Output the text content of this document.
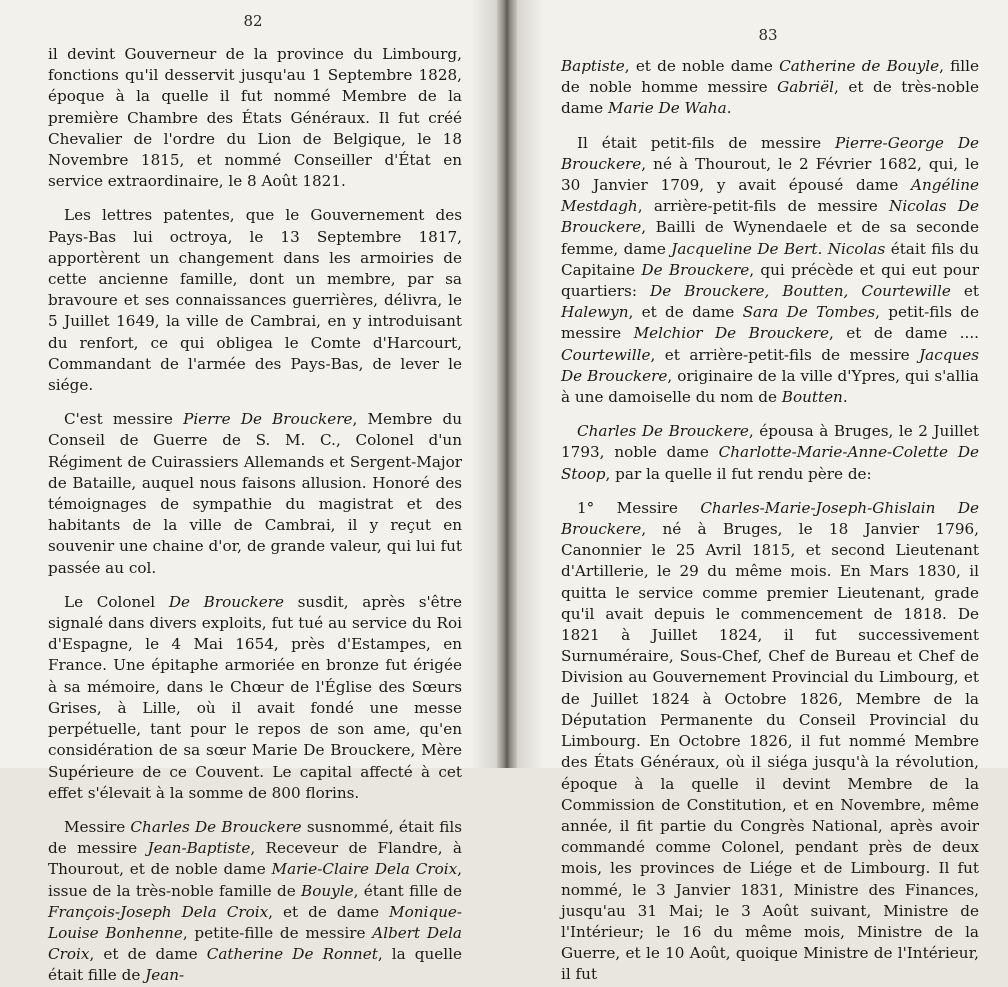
82

il devint Gouverneur de la province du Limbourg, fonctions qu'il desservit jusqu'au 1 Septembre 1828, époque à la quelle il fut nommé Membre de la première Chambre des États Généraux. Il fut créé Chevalier de l'ordre du Lion de Belgique, le 18 Novembre 1815, et nommé Conseiller d'État en service extraordinaire, le 8 Août 1821.

Les lettres patentes, que le Gouvernement des Pays-Bas lui octroya, le 13 Septembre 1817, apportèrent un changement dans les armoiries de cette ancienne famille, dont un membre, par sa bravoure et ses connaissances guerrières, délivra, le 5 Juillet 1649, la ville de Cambrai, en y introduisant du renfort, ce qui obligea le Comte d'Harcourt, Commandant de l'armée des Pays-Bas, de lever le siége.

C'est messire Pierre De Brouckere, Membre du Conseil de Guerre de S. M. C., Colonel d'un Régiment de Cuirassiers Allemands et Sergent-Major de Bataille, auquel nous faisons allusion. Honoré des témoignages de sympathie du magistrat et des habitants de la ville de Cambrai, il y reçut en souvenir une chaine d'or, de grande valeur, qui lui fut passée au col.

Le Colonel De Brouckere susdit, après s'être signalé dans divers exploits, fut tué au service du Roi d'Espagne, le 4 Mai 1654, près d'Estampes, en France. Une épitaphe armoriée en bronze fut érigée à sa mémoire, dans le Chœur de l'Église des Sœurs Grises, à Lille, où il avait fondé une messe perpétuelle, tant pour le repos de son ame, qu'en considération de sa sœur Marie De Brouckere, Mère Supérieure de ce Couvent. Le capital affecté à cet effet s'élevait à la somme de 800 florins.

Messire Charles De Brouckere susnommé, était fils de messire Jean-Baptiste, Receveur de Flandre, à Thourout, et de noble dame Marie-Claire Dela Croix, issue de la très-noble famille de Bouyle, étant fille de François-Joseph Dela Croix, et de dame Monique-Louise Bonhenne, petite-fille de messire Albert Dela Croix, et de dame Catherine De Ronnet, la quelle était fille de Jean-

83

Baptiste, et de noble dame Catherine de Bouyle, fille de noble homme messire Gabriël, et de très-noble dame Marie De Waha.

Il était petit-fils de messire Pierre-George De Brouckere, né à Thourout, le 2 Février 1682, qui, le 30 Janvier 1709, y avait épousé dame Angéline Mestdagh, arrière-petit-fils de messire Nicolas De Brouckere, Bailli de Wynendaele et de sa seconde femme, dame Jacqueline De Bert. Nicolas était fils du Capitaine De Brouckere, qui précède et qui eut pour quartiers: De Brouckere, Boutten, Courtewille et Halewyn, et de dame Sara De Tombes, petit-fils de messire Melchior De Brouckere, et de dame .... Courtewille, et arrière-petit-fils de messire Jacques De Brouckere, originaire de la ville d'Ypres, qui s'allia à une damoiselle du nom de Boutten.

Charles De Brouckere, épousa à Bruges, le 2 Juillet 1793, noble dame Charlotte-Marie-Anne-Colette De Stoop, par la quelle il fut rendu père de:

1° Messire Charles-Marie-Joseph-Ghislain De Brouckere, né à Bruges, le 18 Janvier 1796, Canonnier le 25 Avril 1815, et second Lieutenant d'Artillerie, le 29 du même mois. En Mars 1830, il quitta le service comme premier Lieutenant, grade qu'il avait depuis le commencement de 1818. De 1821 à Juillet 1824, il fut successivement Surnuméraire, Sous-Chef, Chef de Bureau et Chef de Division au Gouvernement Provincial du Limbourg, et de Juillet 1824 à Octobre 1826, Membre de la Députation Permanente du Conseil Provincial du Limbourg. En Octobre 1826, il fut nommé Membre des États Généraux, où il siéga jusqu'à la révolution, époque à la quelle il devint Membre de la Commission de Constitution, et en Novembre, même année, il fit partie du Congrès National, après avoir commandé comme Colonel, pendant près de deux mois, les provinces de Liége et de Limbourg. Il fut nommé, le 3 Janvier 1831, Ministre des Finances, jusqu'au 31 Mai; le 3 Août suivant, Ministre de l'Intérieur; le 16 du même mois, Ministre de la Guerre, et le 10 Août, quoique Ministre de l'Intérieur, il fut
